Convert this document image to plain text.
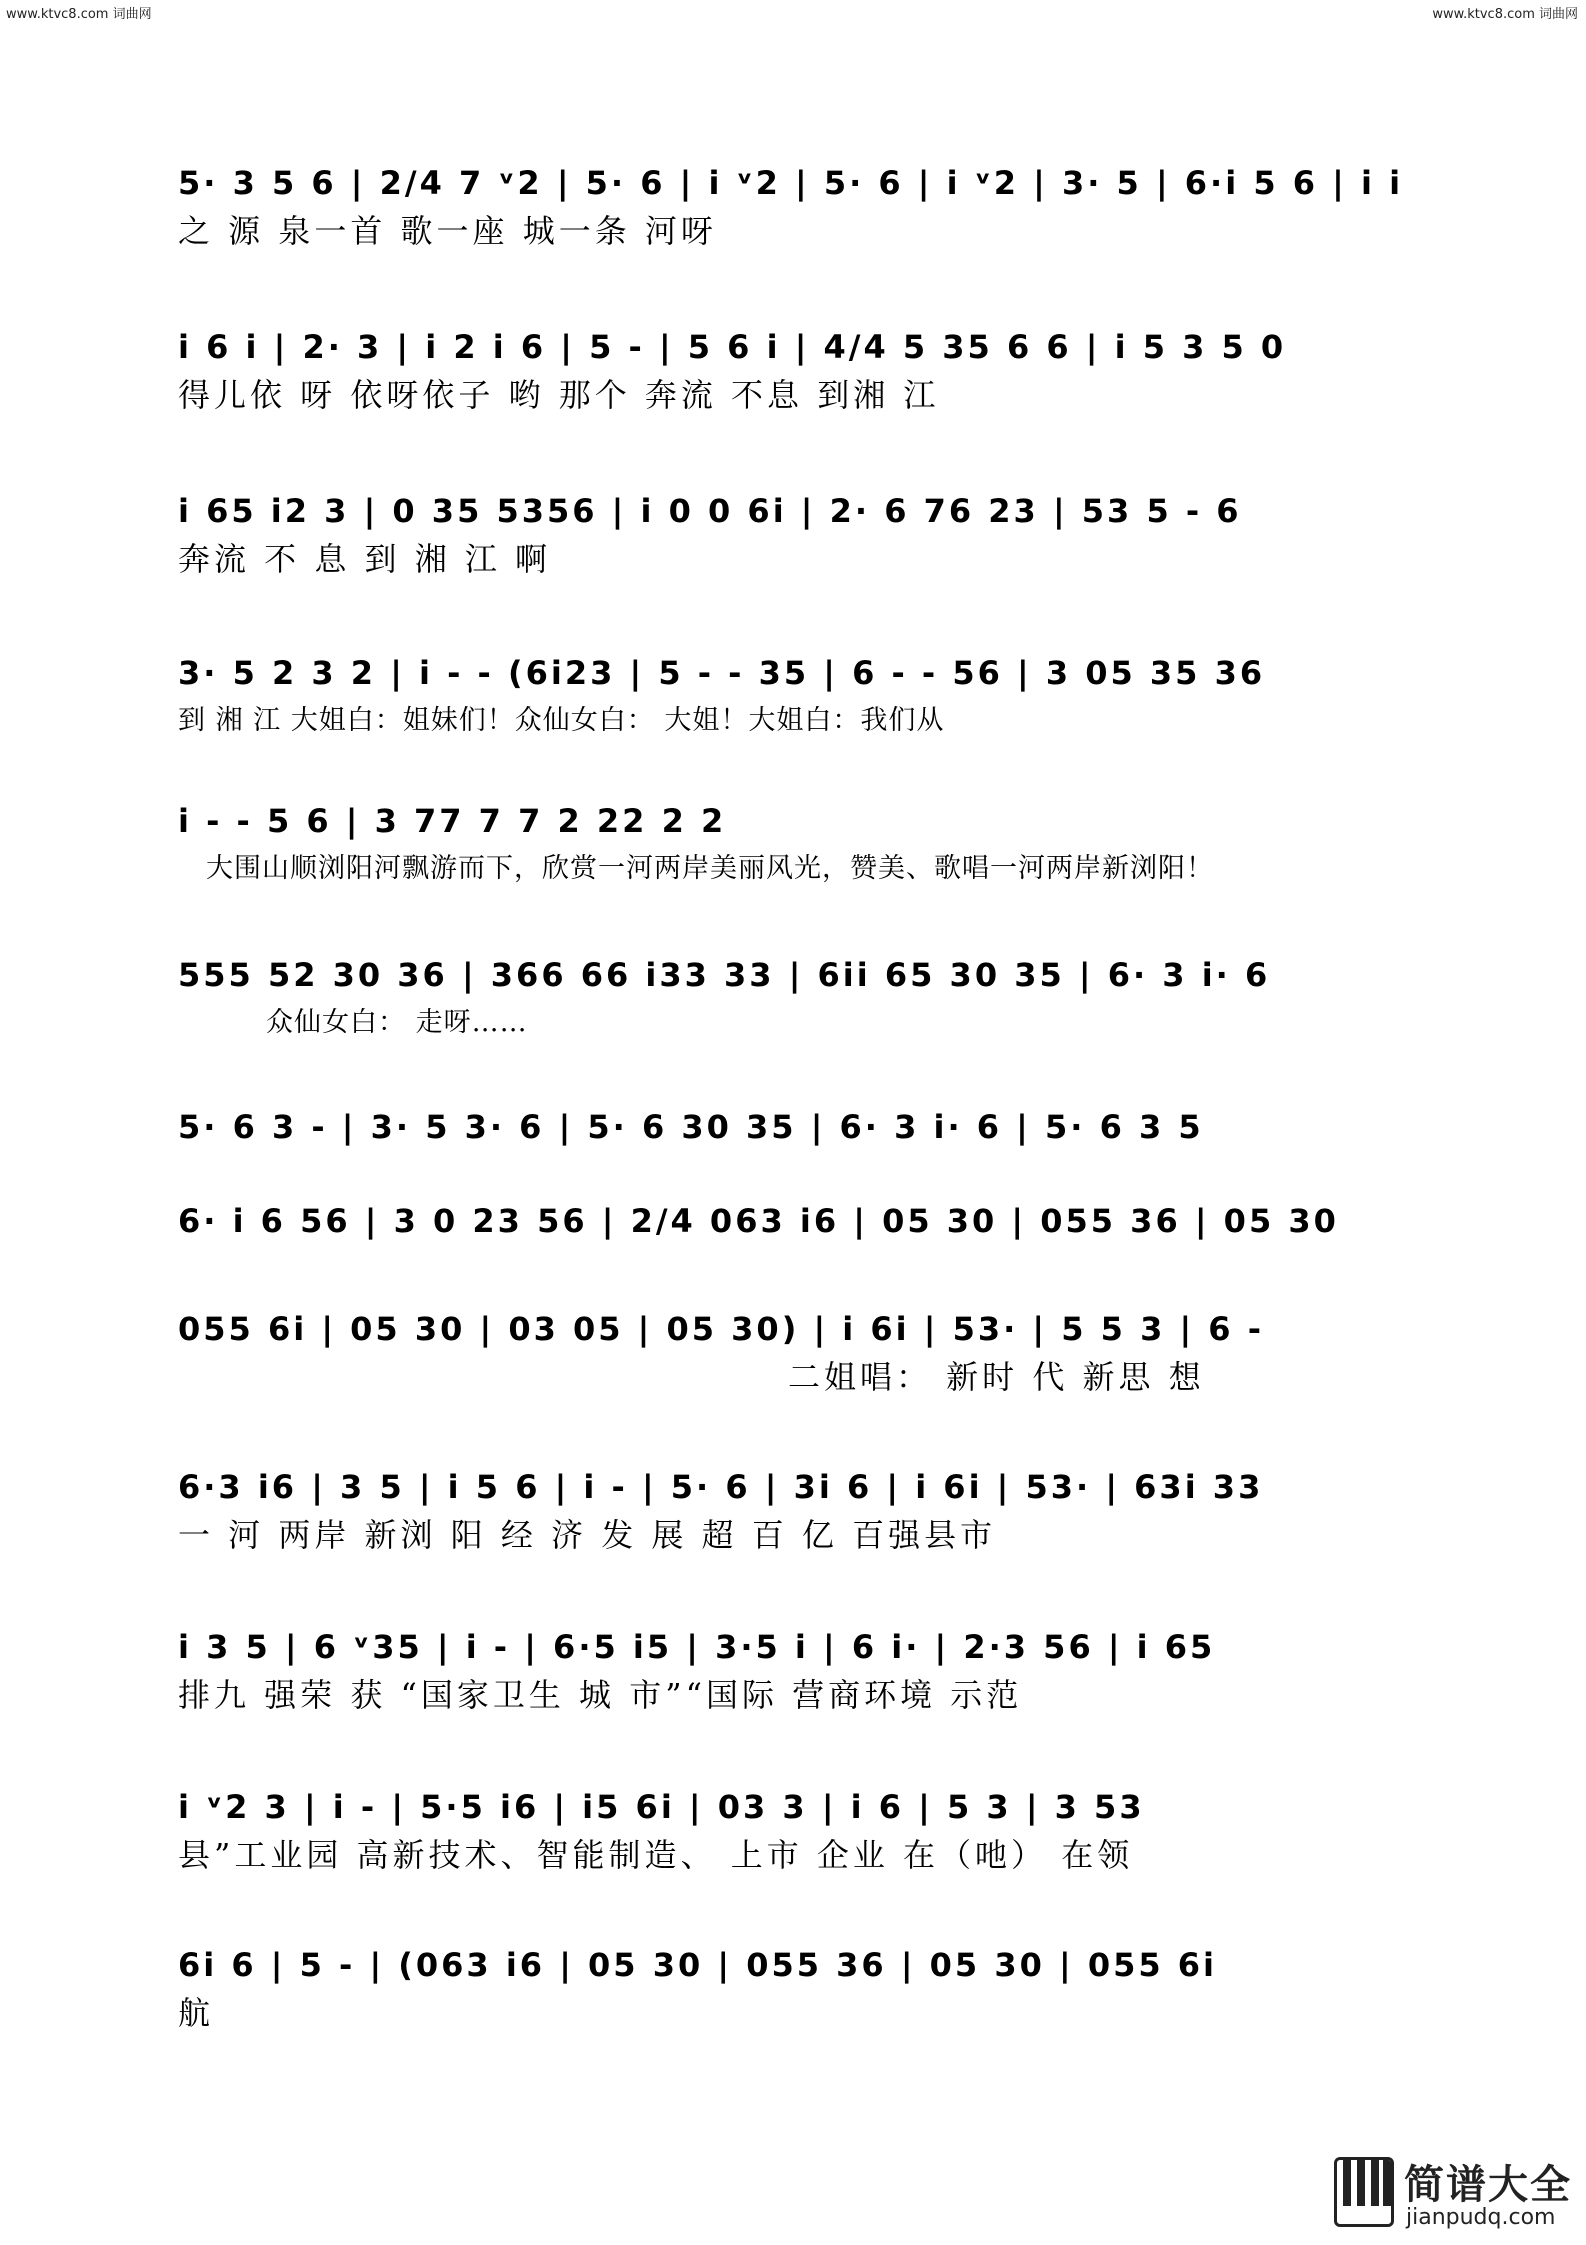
www.ktvc8.com 词曲网	www.ktvc8.com 词曲网
5· 3 5 6 | 2/4 7 ᵛ2 | 5· 6 | i ᵛ2 | 5· 6 | i ᵛ2 | 3· 5 | 6·i 5 6 | i i
之 源 泉一首 歌一座 城一条 河呀
i 6 i | 2· 3 | i 2 i 6 | 5 - | 5 6 i | 4/4 5 35 6 6 | i 5 3 5 0
得儿依 呀 依呀依子 哟 那个 奔流 不息 到湘 江
i 65 i2 3 | 0 35 5356 | i 0 0 6i | 2· 6 76 23 | 53 5 - 6
奔流 不 息 到 湘 江 啊
3· 5 2 3 2 | i - - (6i23 | 5 - - 35 | 6 - - 56 | 3 05 35 36
到 湘 江 大姐白：姐妹们！众仙女白： 大姐！大姐白：我们从
i - - 5 6 | 3 77 7 7 2 22 2 2
大围山顺浏阳河飘游而下，欣赏一河两岸美丽风光，赞美、歌唱一河两岸新浏阳！
555 52 30 36 | 366 66 i33 33 | 6ii 65 30 35 | 6· 3 i· 6
众仙女白： 走呀……
5· 6 3 - | 3· 5 3· 6 | 5· 6 30 35 | 6· 3 i· 6 | 5· 6 3 5
6· i 6 56 | 3 0 23 56 | 2/4 063 i6 | 05 30 | 055 36 | 05 30
055 6i | 05 30 | 03 05 | 05 30) | i 6i | 53· | 5 5 3 | 6 -
二姐唱： 新时 代 新思 想
6·3 i6 | 3 5 | i 5 6 | i - | 5· 6 | 3i 6 | i 6i | 53· | 63i 33
一 河 两岸 新浏 阳 经 济 发 展 超 百 亿 百强县市
i 3 5 | 6 ᵛ35 | i - | 6·5 i5 | 3·5 i | 6 i· | 2·3 56 | i 65
排九 强荣 获 “国家卫生 城 市”“国际 营商环境 示范
i ᵛ2 3 | i - | 5·5 i6 | i5 6i | 03 3 | i 6 | 5 3 | 3 53
县”工业园 高新技术、智能制造、 上市 企业 在（吔） 在领
6i 6 | 5 - | (063 i6 | 05 30 | 055 36 | 05 30 | 055 6i
航
简谱大全
jianpudq.com
